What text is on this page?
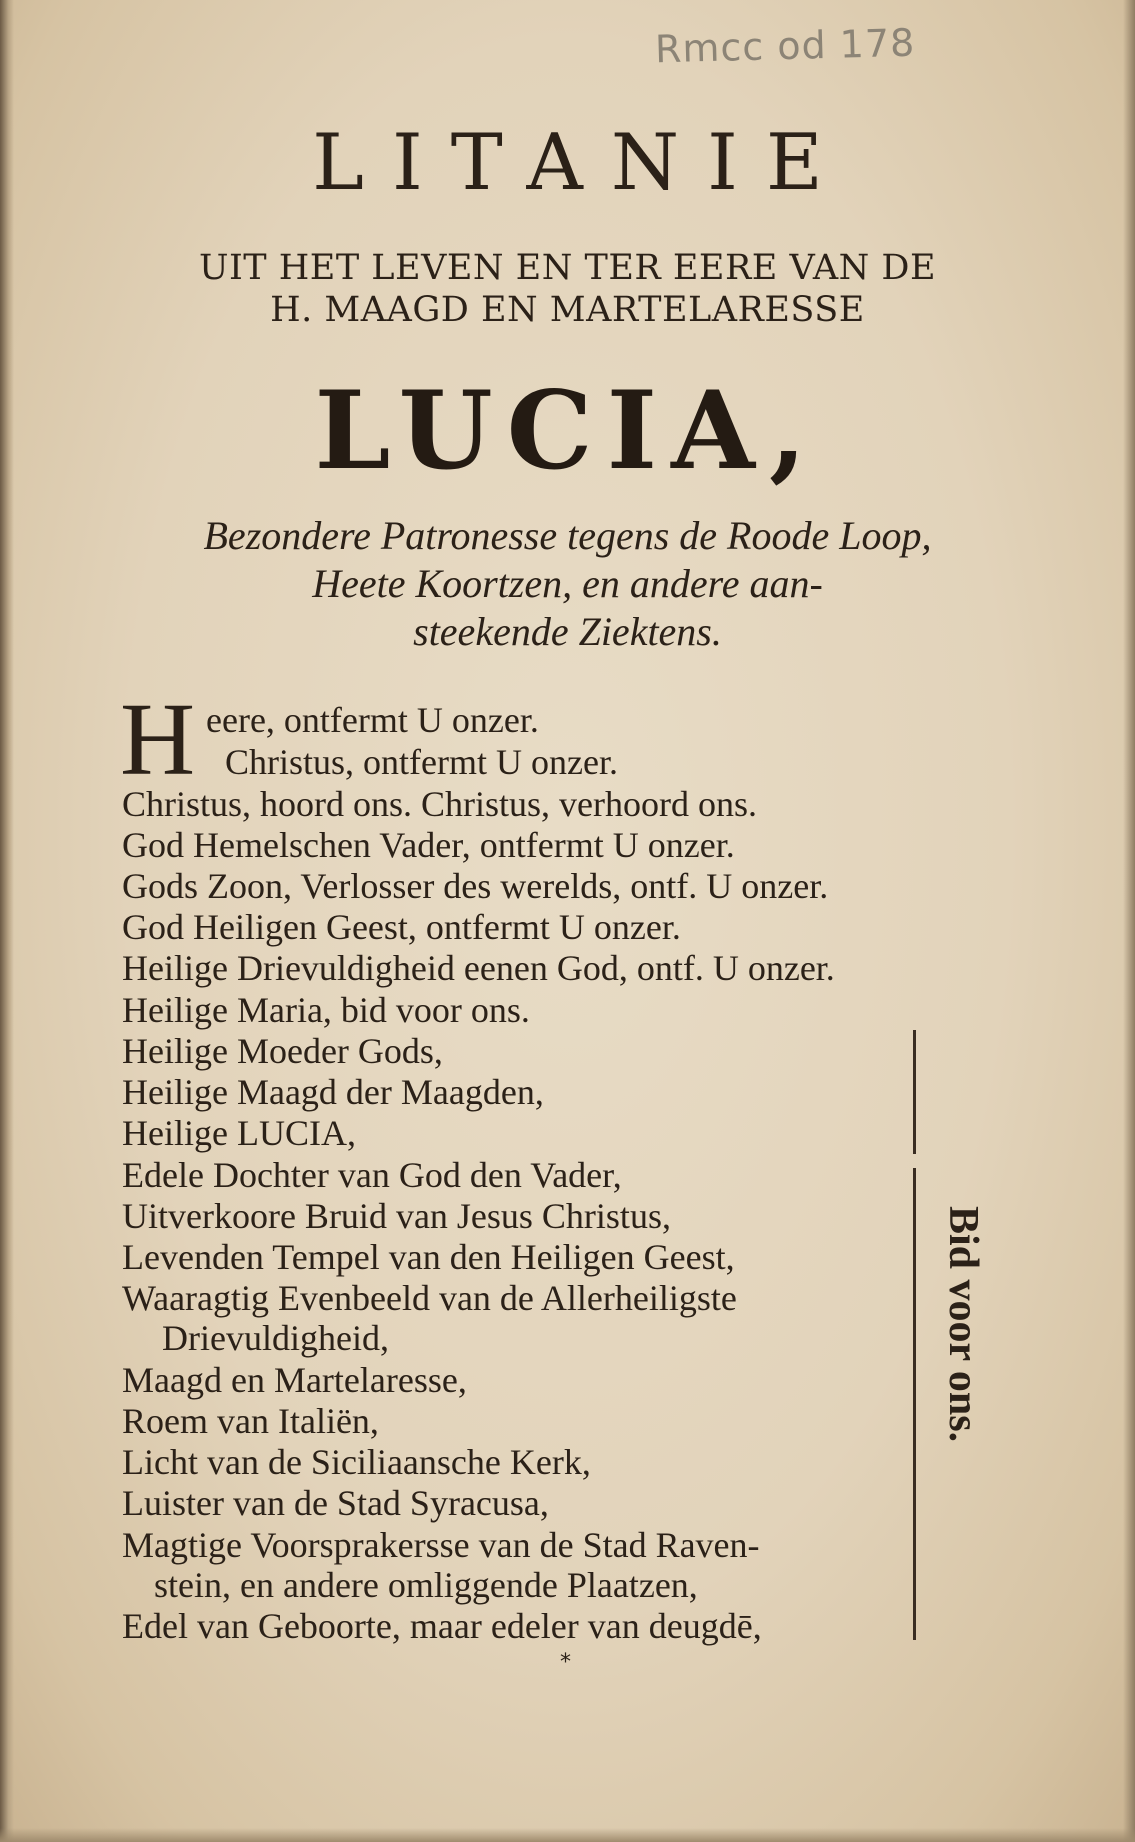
Rmcc od 178
LITANIE
UIT HET LEVEN EN TER EERE VAN DE
H. MAAGD EN MARTELARESSE
LUCIA,
Bezondere Patronesse tegens de Roode Loop,
Heete Koortzen, en andere aan-
steekende Ziektens.
H eere, ontfermt U onzer.
Christus, ontfermt U onzer.
Christus, hoord ons. Christus, verhoord ons.
God Hemelschen Vader, ontfermt U onzer.
Gods Zoon, Verlosser des werelds, ontf. U onzer.
God Heiligen Geest, ontfermt U onzer.
Heilige Drievuldigheid eenen God, ontf. U onzer.
Heilige Maria, bid voor ons.
Heilige Moeder Gods,
Heilige Maagd der Maagden,
Heilige LUCIA,
Edele Dochter van God den Vader,
Uitverkoore Bruid van Jesus Christus,
Levenden Tempel van den Heiligen Geest,
Waaragtig Evenbeeld van de Allerheiligste
Drievuldigheid,
Maagd en Martelaresse,
Roem van Italiën,
Licht van de Siciliaansche Kerk,
Luister van de Stad Syracusa,
Magtige Voorsprakersse van de Stad Raven-
stein, en andere omliggende Plaatzen,
Edel van Geboorte, maar edeler van deugdē,
Bid voor ons.
*
